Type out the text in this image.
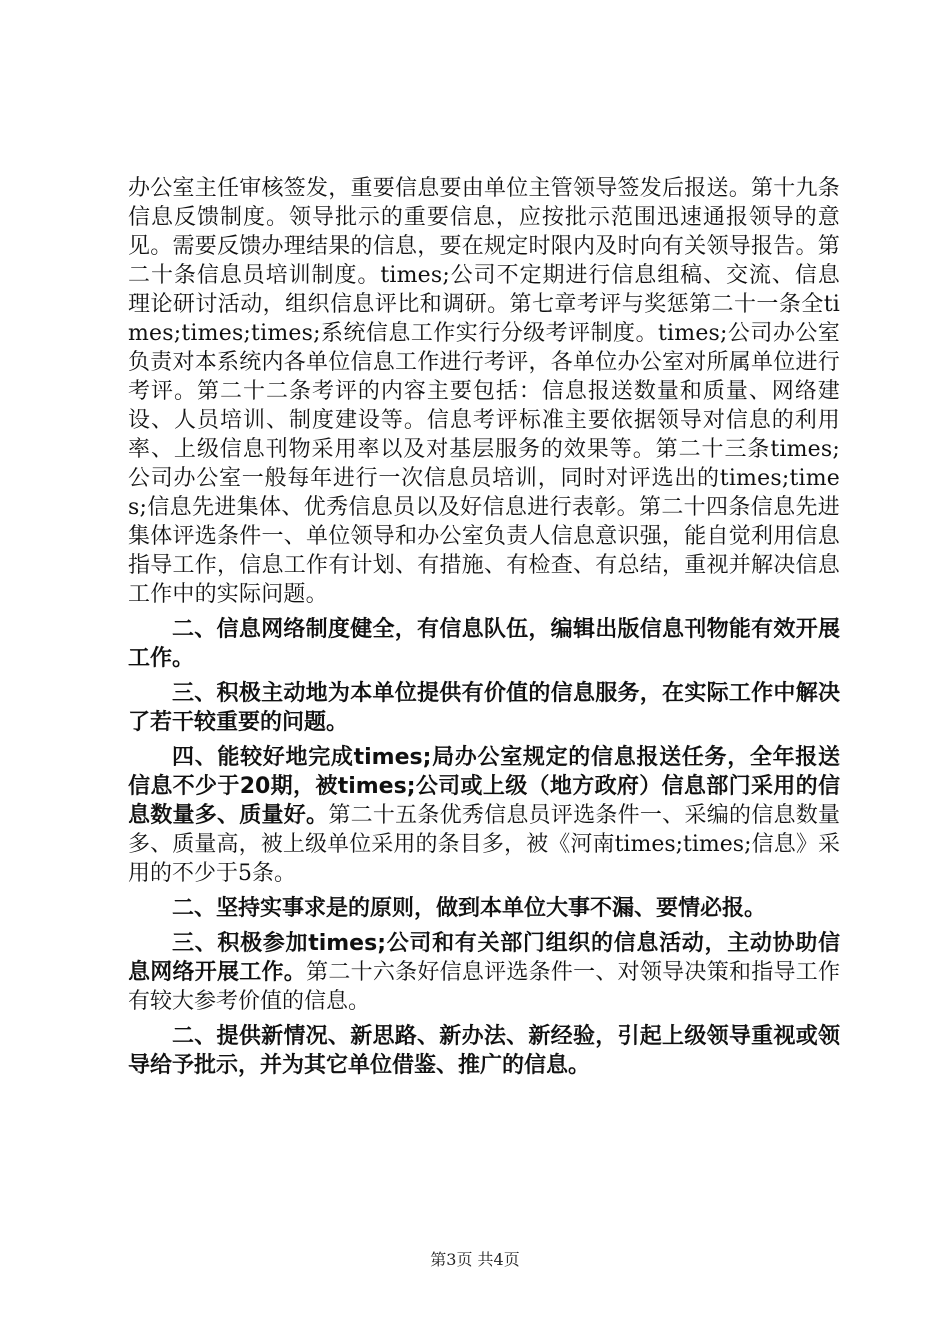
办公室主任审核签发，重要信息要由单位主管领导签发后报送。第十九条信息反馈制度。领导批示的重要信息，应按批示范围迅速通报领导的意见。需要反馈办理结果的信息，要在规定时限内及时向有关领导报告。第二十条信息员培训制度。times;公司不定期进行信息组稿、交流、信息理论研讨活动，组织信息评比和调研。第七章考评与奖惩第二十一条全times;times;times;系统信息工作实行分级考评制度。times;公司办公室负责对本系统内各单位信息工作进行考评，各单位办公室对所属单位进行考评。第二十二条考评的内容主要包括：信息报送数量和质量、网络建设、人员培训、制度建设等。信息考评标准主要依据领导对信息的利用率、上级信息刊物采用率以及对基层服务的效果等。第二十三条times;公司办公室一般每年进行一次信息员培训，同时对评选出的times;times;信息先进集体、优秀信息员以及好信息进行表彰。第二十四条信息先进集体评选条件一、单位领导和办公室负责人信息意识强，能自觉利用信息指导工作，信息工作有计划、有措施、有检查、有总结，重视并解决信息工作中的实际问题。

二、信息网络制度健全，有信息队伍，编辑出版信息刊物能有效开展工作。

三、积极主动地为本单位提供有价值的信息服务，在实际工作中解决了若干较重要的问题。

四、能较好地完成times;局办公室规定的信息报送任务，全年报送信息不少于20期，被times;公司或上级（地方政府）信息部门采用的信息数量多、质量好。第二十五条优秀信息员评选条件一、采编的信息数量多、质量高，被上级单位采用的条目多，被《河南times;times;信息》采用的不少于5条。

二、坚持实事求是的原则，做到本单位大事不漏、要情必报。

三、积极参加times;公司和有关部门组织的信息活动，主动协助信息网络开展工作。第二十六条好信息评选条件一、对领导决策和指导工作有较大参考价值的信息。

二、提供新情况、新思路、新办法、新经验，引起上级领导重视或领导给予批示，并为其它单位借鉴、推广的信息。

第3页 共4页
